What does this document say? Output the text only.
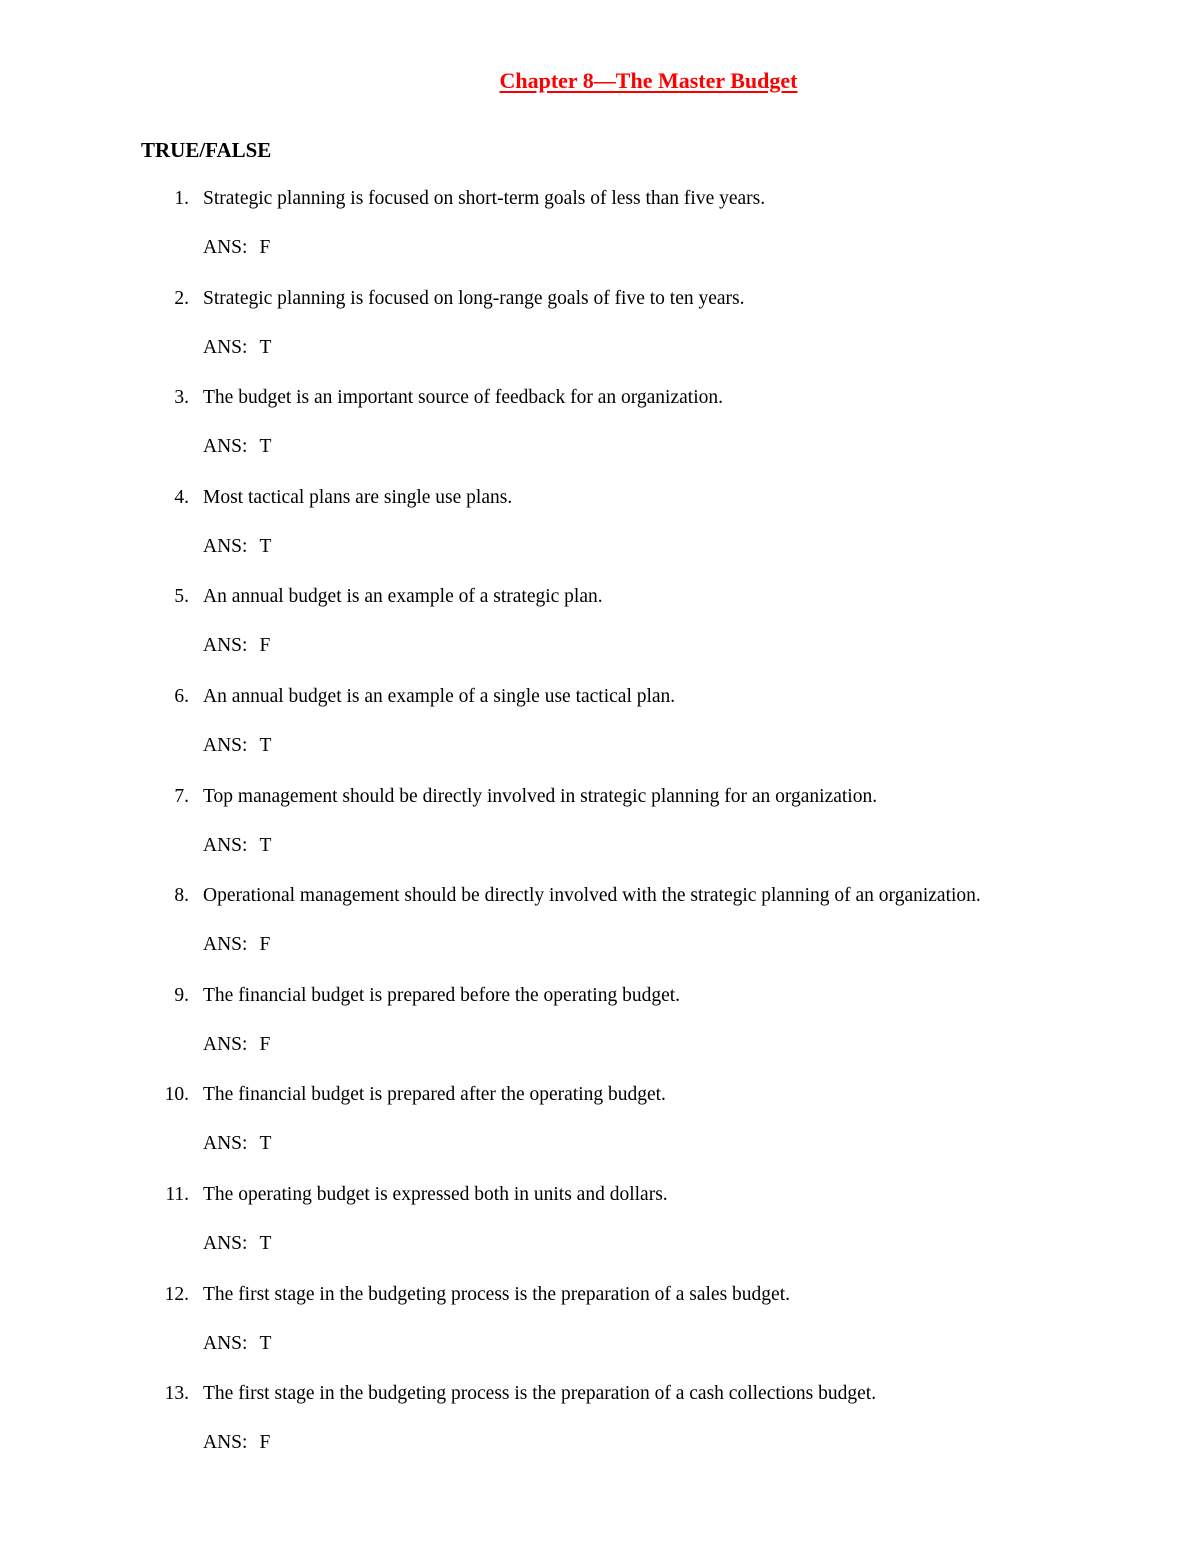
Chapter 8—The Master Budget
TRUE/FALSE
1. Strategic planning is focused on short-term goals of less than five years.
ANS: F
2. Strategic planning is focused on long-range goals of five to ten years.
ANS: T
3. The budget is an important source of feedback for an organization.
ANS: T
4. Most tactical plans are single use plans.
ANS: T
5. An annual budget is an example of a strategic plan.
ANS: F
6. An annual budget is an example of a single use tactical plan.
ANS: T
7. Top management should be directly involved in strategic planning for an organization.
ANS: T
8. Operational management should be directly involved with the strategic planning of an organization.
ANS: F
9. The financial budget is prepared before the operating budget.
ANS: F
10. The financial budget is prepared after the operating budget.
ANS: T
11. The operating budget is expressed both in units and dollars.
ANS: T
12. The first stage in the budgeting process is the preparation of a sales budget.
ANS: T
13. The first stage in the budgeting process is the preparation of a cash collections budget.
ANS: F
